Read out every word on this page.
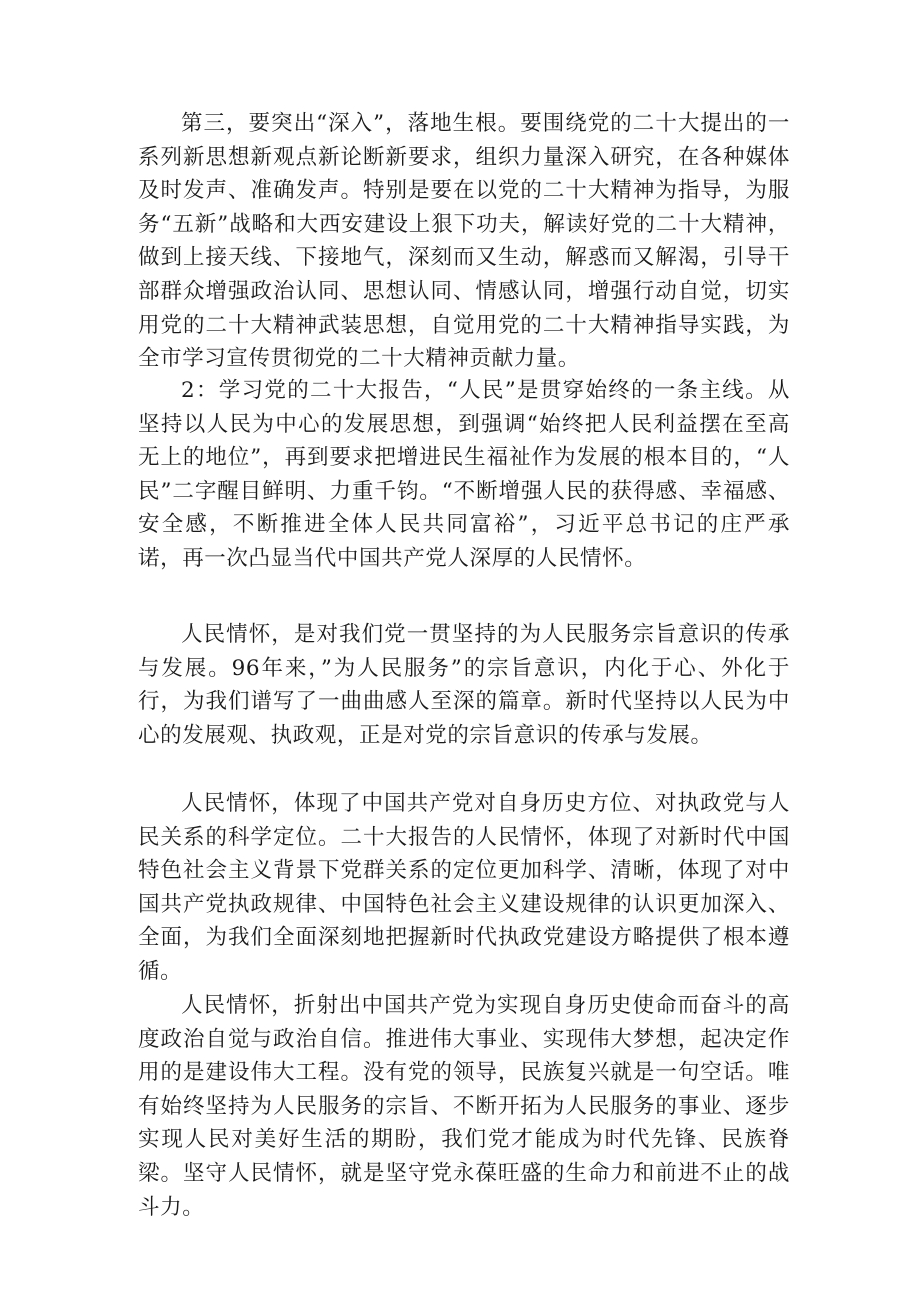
第三，要突出“深入”，落地生根。要围绕党的二十大提出的一系列新思想新观点新论断新要求，组织力量深入研究，在各种媒体及时发声、准确发声。特别是要在以党的二十大精神为指导，为服务“五新”战略和大西安建设上狠下功夫，解读好党的二十大精神，做到上接天线、下接地气，深刻而又生动，解惑而又解渴，引导干部群众增强政治认同、思想认同、情感认同，增强行动自觉，切实用党的二十大精神武装思想，自觉用党的二十大精神指导实践，为全市学习宣传贯彻党的二十大精神贡献力量。

2：学习党的二十大报告，“人民”是贯穿始终的一条主线。从坚持以人民为中心的发展思想，到强调“始终把人民利益摆在至高无上的地位”，再到要求把增进民生福祉作为发展的根本目的，“人民”二字醒目鲜明、力重千钧。“不断增强人民的获得感、幸福感、安全感，不断推进全体人民共同富裕”，习近平总书记的庄严承诺，再一次凸显当代中国共产党人深厚的人民情怀。

人民情怀，是对我们党一贯坚持的为人民服务宗旨意识的传承与发展。96年来，”为人民服务”的宗旨意识，内化于心、外化于行，为我们谱写了一曲曲感人至深的篇章。新时代坚持以人民为中心的发展观、执政观，正是对党的宗旨意识的传承与发展。

人民情怀，体现了中国共产党对自身历史方位、对执政党与人民关系的科学定位。二十大报告的人民情怀，体现了对新时代中国特色社会主义背景下党群关系的定位更加科学、清晰，体现了对中国共产党执政规律、中国特色社会主义建设规律的认识更加深入、全面，为我们全面深刻地把握新时代执政党建设方略提供了根本遵循。

人民情怀，折射出中国共产党为实现自身历史使命而奋斗的高度政治自觉与政治自信。推进伟大事业、实现伟大梦想，起决定作用的是建设伟大工程。没有党的领导，民族复兴就是一句空话。唯有始终坚持为人民服务的宗旨、不断开拓为人民服务的事业、逐步实现人民对美好生活的期盼，我们党才能成为时代先锋、民族脊梁。坚守人民情怀，就是坚守党永葆旺盛的生命力和前进不止的战斗力。
